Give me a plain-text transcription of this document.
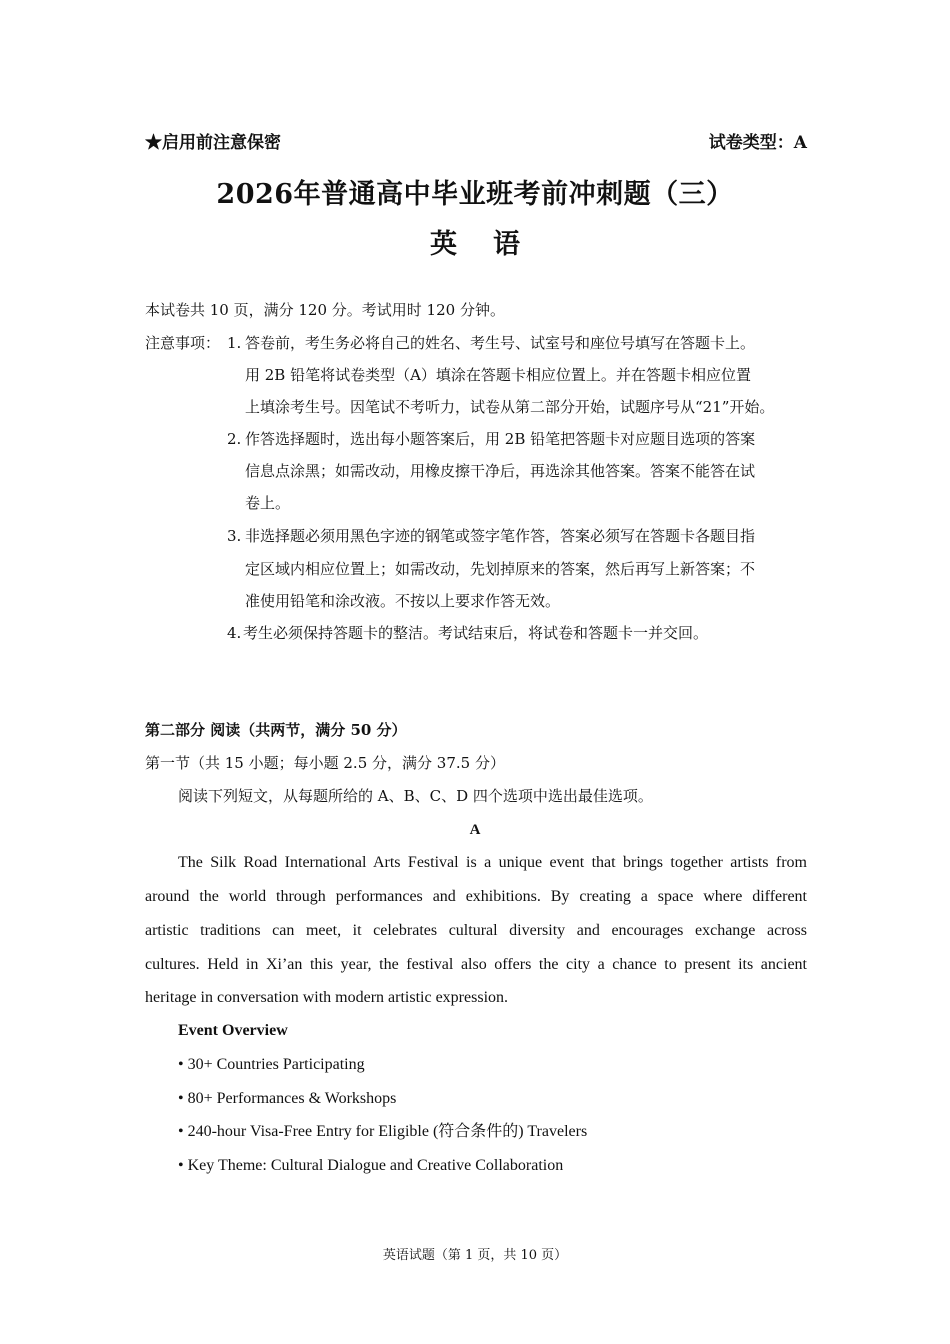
★启用前注意保密	试卷类型：A
2026年普通高中毕业班考前冲刺题（三）
英语
本试卷共 10 页，满分 120 分。考试用时 120 分钟。
注意事项： 1. 答卷前，考生务必将自己的姓名、考生号、试室号和座位号填写在答题卡上。
用 2B 铅笔将试卷类型（A）填涂在答题卡相应位置上。并在答题卡相应位置
上填涂考生号。因笔试不考听力，试卷从第二部分开始，试题序号从“21”开始。
2. 作答选择题时，选出每小题答案后，用 2B 铅笔把答题卡对应题目选项的答案
信息点涂黑；如需改动，用橡皮擦干净后，再选涂其他答案。答案不能答在试
卷上。
3. 非选择题必须用黑色字迹的钢笔或签字笔作答，答案必须写在答题卡各题目指
定区域内相应位置上；如需改动，先划掉原来的答案，然后再写上新答案；不
准使用铅笔和涂改液。不按以上要求作答无效。
4. 考生必须保持答题卡的整洁。考试结束后，将试卷和答题卡一并交回。
第二部分 阅读（共两节，满分 50 分）
第一节（共 15 小题；每小题 2.5 分，满分 37.5 分）
阅读下列短文，从每题所给的 A、B、C、D 四个选项中选出最佳选项。
A
The Silk Road International Arts Festival is a unique event that brings together artists from
around the world through performances and exhibitions. By creating a space where different
artistic traditions can meet, it celebrates cultural diversity and encourages exchange across
cultures. Held in Xi’an this year, the festival also offers the city a chance to present its ancient
heritage in conversation with modern artistic expression.
Event Overview
• 30+ Countries Participating
• 80+ Performances & Workshops
• 240-hour Visa-Free Entry for Eligible (符合条件的) Travelers
• Key Theme: Cultural Dialogue and Creative Collaboration
英语试题（第 1 页，共 10 页）
